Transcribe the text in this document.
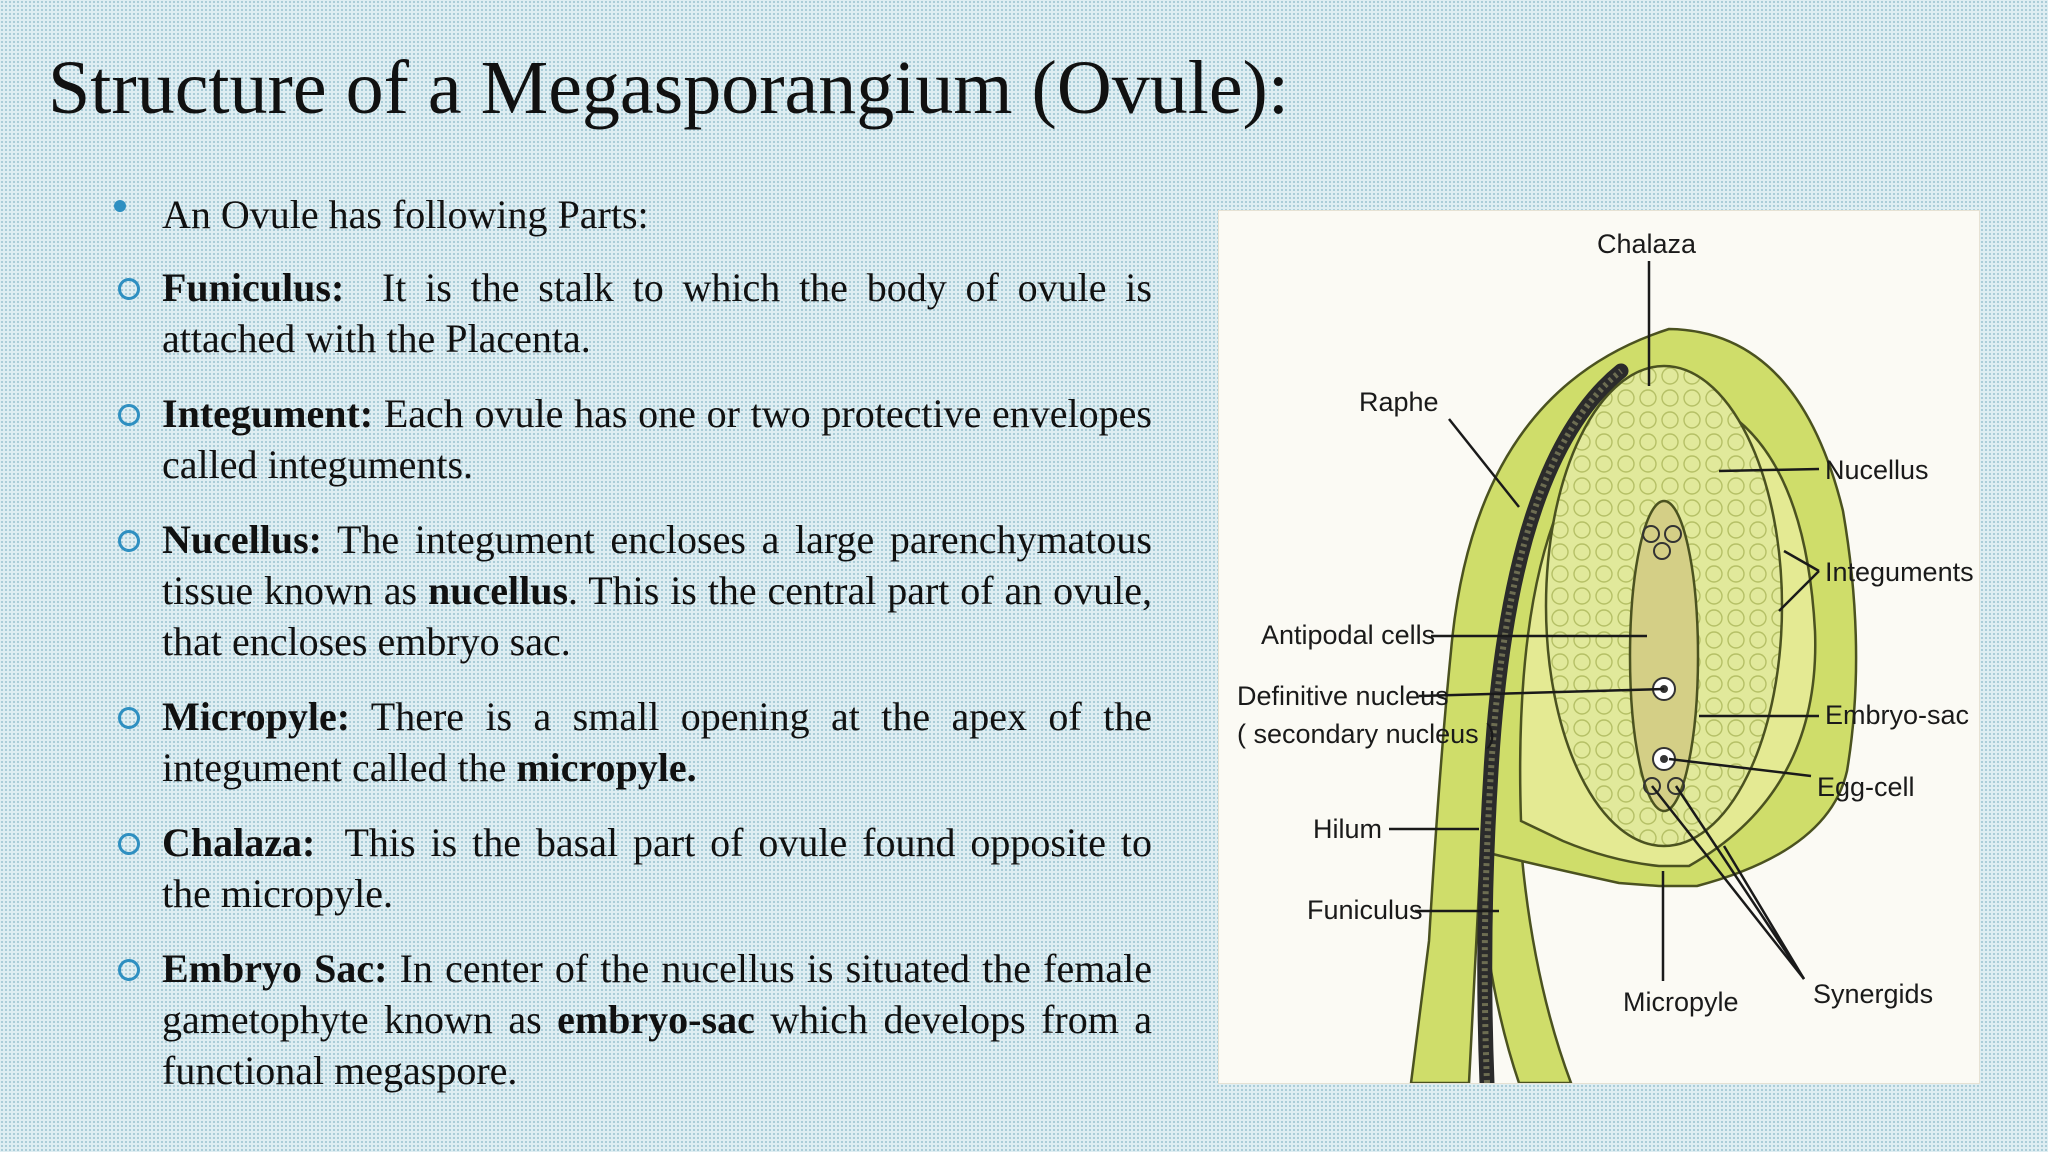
Structure of a Megasporangium (Ovule):

An Ovule has following Parts:

Funiculus: It is the stalk to which the body of ovule is attached with the Placenta.

Integument: Each ovule has one or two protective envelopes called integuments.

Nucellus: The integument encloses a large parenchymatous tissue known as nucellus. This is the central part of an ovule, that encloses embryo sac.

Micropyle: There is a small opening at the apex of the integument called the micropyle.

Chalaza: This is the basal part of ovule found opposite to the micropyle.

Embryo Sac: In center of the nucellus is situated the female gametophyte known as embryo-sac which develops from a functional megaspore.

Chalaza
Raphe
Nucellus
Integuments
Antipodal cells
Definitive nucleus
( secondary nucleus )
Embryo-sac
Egg-cell
Hilum
Funiculus
Micropyle	Synergids
